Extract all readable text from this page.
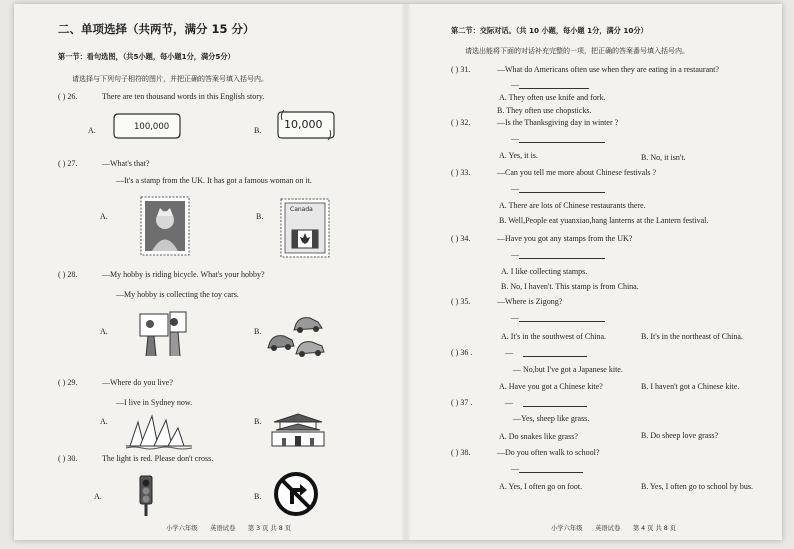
二、单项选择（共两节，满分 15 分）
第一节：看句选图，（共5小题，每小题1分，满分5分）
请选择与下列句子相符的图片，并把正确的答案号填入括号内。
( ) 26.	There are ten thousand words in this English story.
A.	100,000	B. 10,000
( ) 27.	—What's that?
—It's a stamp from the UK. It has got a famous woman on it.
A.	B.
Canada
( ) 28.	—My hobby is riding bicycle. What's your hobby?
—My hobby is collecting the toy cars.
A.	B.
( ) 29.	—Where do you live?
—I live in Sydney now.
A.	B.
( ) 30.	The light is red. Please don't cross.
A.	B.
小学六年级　　英语试卷　　第 3 页 共 8 页
第二节：交际对话。（共 10 小题，每小题 1分，满分 10分）
请选出能将下面的对话补充完整的一项，把正确的答案番号填入括号内。
( ) 31.	—What do Americans often use when they are eating in a restaurant?
—
A. They often use knife and fork.
B. They often use chopsticks.
( ) 32.	—Is the Thanksgiving day in winter ?
—
A. Yes, it is.	B. No, it isn't.
( ) 33.	—Can you tell me more about Chinese festivals ?
—
A. There are lots of Chinese restaurants there.
B. Well,People eat yuanxiao,hang lanterns at the Lantern festival.
( ) 34.	—Have you got any stamps from the UK?
—
A. I like collecting stamps.
B. No, I haven't. This stamp is from China.
( ) 35.	—Where is Zigong?
—
A. It's in the southwest of China.	B. It's in the northeast of China.
( ) 36 .	—
— No,but I've got a Japanese kite.
A. Have you got a Chinese kite?	B. I haven't got a Chinese kite.
( ) 37 .	—
—Yes, sheep like grass.
A. Do snakes like grass?	B. Do sheep love grass?
( ) 38.	—Do you often walk to school?
—
A. Yes, I often go on foot.	B. Yes, I often go to school by bus.
小学六年级　　英语试卷　　第 4 页 共 8 页
